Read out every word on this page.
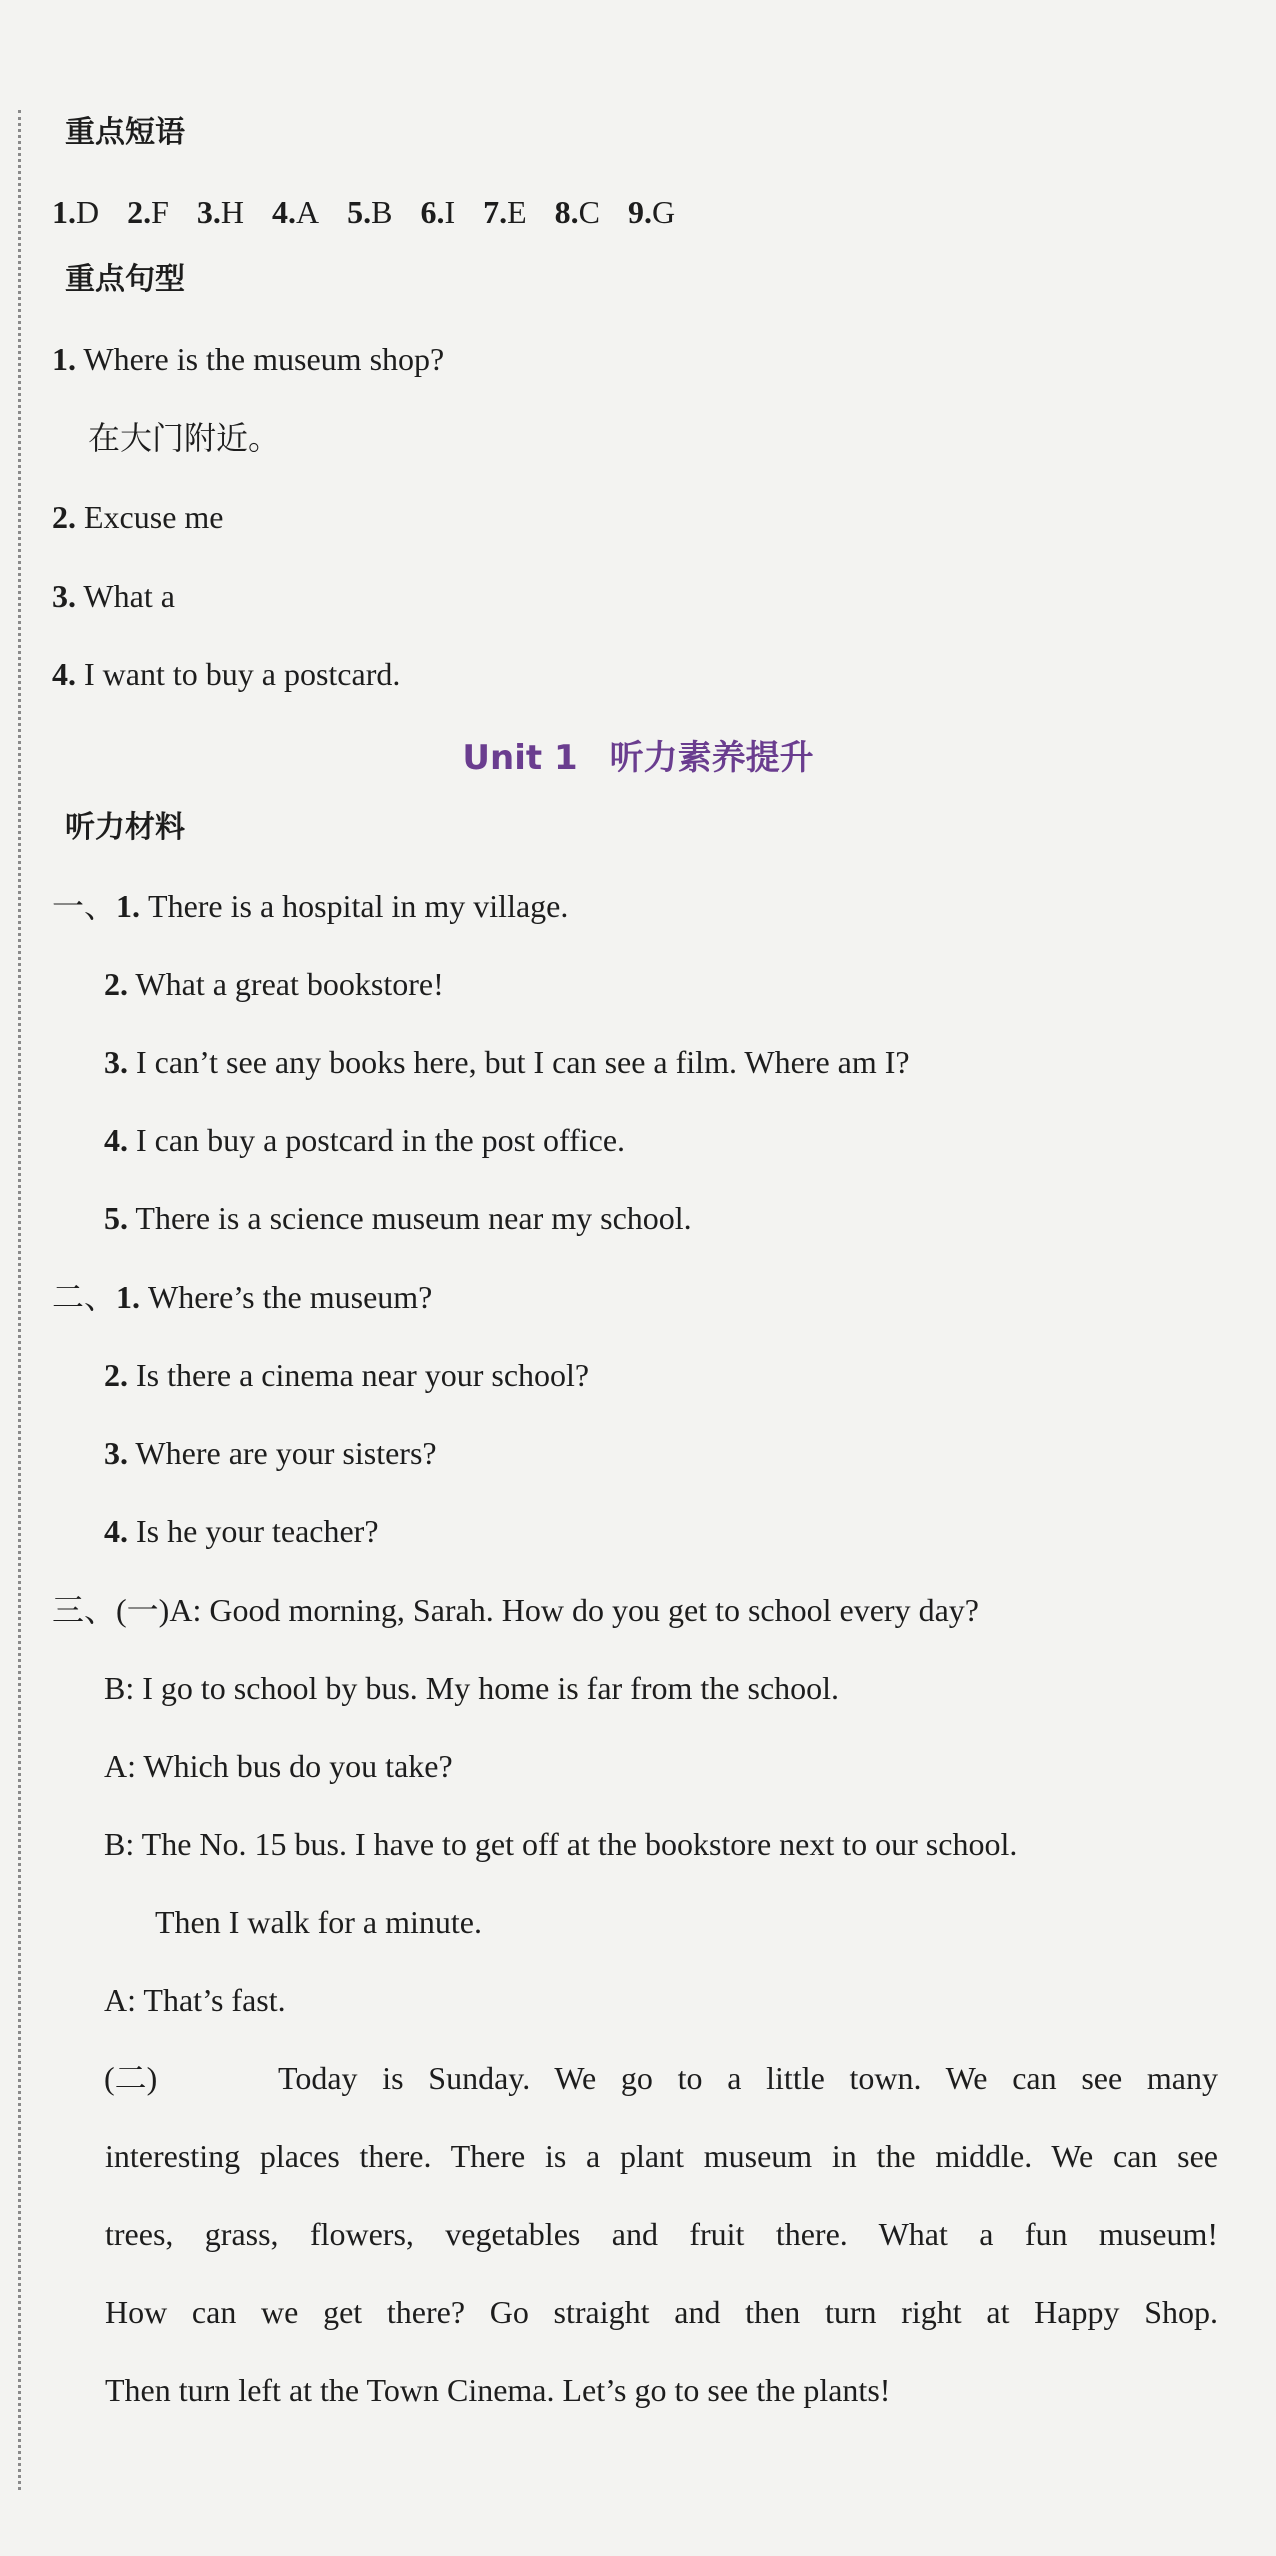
重点短语
1.D 2.F 3.H 4.A 5.B 6.I 7.E 8.C 9.G
重点句型
1. Where is the museum shop?
在大门附近。
2. Excuse me
3. What a
4. I want to buy a postcard.
Unit 1 听力素养提升
听力材料
一、1. There is a hospital in my village.
2. What a great bookstore!
3. I can’t see any books here, but I can see a film. Where am I?
4. I can buy a postcard in the post office.
5. There is a science museum near my school.
二、1. Where’s the museum?
2. Is there a cinema near your school?
3. Where are your sisters?
4. Is he your teacher?
三、(一)A: Good morning, Sarah. How do you get to school every day?
B: I go to school by bus. My home is far from the school.
A: Which bus do you take?
B: The No. 15 bus. I have to get off at the bookstore next to our school.
Then I walk for a minute.
A: That’s fast.
(二)	Today is Sunday. We go to a little town. We can see many
interesting places there. There is a plant museum in the middle. We can see
trees, grass, flowers, vegetables and fruit there. What a fun museum!
How can we get there? Go straight and then turn right at Happy Shop.
Then turn left at the Town Cinema. Let’s go to see the plants!
